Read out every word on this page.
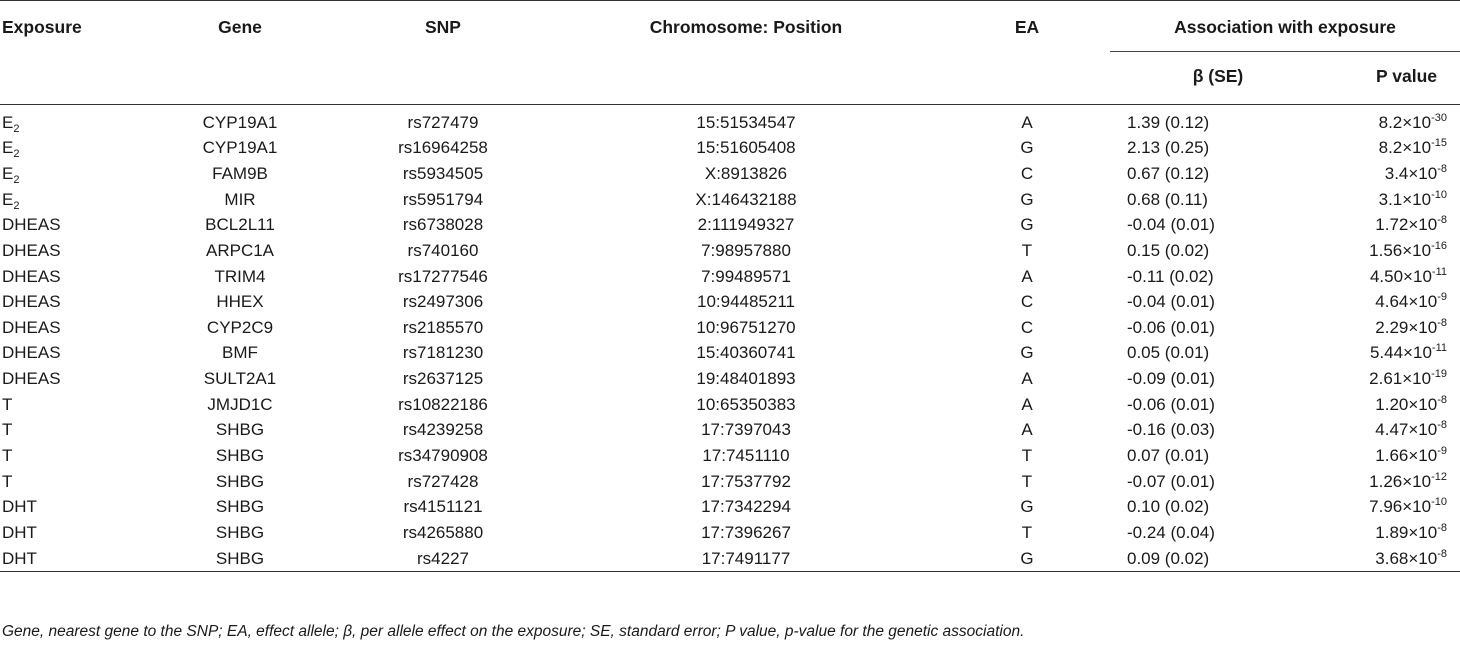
Exposure	Gene	SNP	Chromosome: Position	EA	Association with exposure	

					β (SE)	P value
$E_2$	CYP19A1	rs727479	15:51534547	A	1.39 (0.12)	$8.2\times 10^{-30}$
$E_2$	CYP19A1	rs16964258	15:51605408	G	2.13 (0.25)	$8.2\times 10^{-15}$
$E_2$	FAM9B	rs5934505	X:8913826	C	0.67 (0.12)	$3.4\times 10^{-8}$
$E_2$	MIR	rs5951794	X:146432188	G	0.68 (0.11)	$3.1\times 10^{-10}$
DHEAS	BCL2L11	rs6738028	2:111949327	G	-0.04 (0.01)	$1.72\times 10^{-8}$
DHEAS	ARPC1A	rs740160	7:98957880	T	0.15 (0.02)	$1.56\times 10^{-16}$
DHEAS	TRIM4	rs17277546	7:99489571	A	-0.11 (0.02)	$4.50\times 10^{-11}$
DHEAS	HHEX	rs2497306	10:94485211	C	-0.04 (0.01)	$4.64\times 10^{-9}$
DHEAS	CYP2C9	rs2185570	10:96751270	C	-0.06 (0.01)	$2.29\times 10^{-8}$
DHEAS	BMF	rs7181230	15:40360741	G	0.05 (0.01)	$5.44\times 10^{-11}$
DHEAS	SULT2A1	rs2637125	19:48401893	A	-0.09 (0.01)	$2.61\times 10^{-19}$
T	JMJD1C	rs10822186	10:65350383	A	-0.06 (0.01)	$1.20\times 10^{-8}$
T	SHBG	rs4239258	17:7397043	A	-0.16 (0.03)	$4.47\times 10^{-8}$
T	SHBG	rs34790908	17:7451110	T	0.07 (0.01)	$1.66\times 10^{-9}$
T	SHBG	rs727428	17:7537792	T	-0.07 (0.01)	$1.26\times 10^{-12}$
DHT	SHBG	rs4151121	17:7342294	G	0.10 (0.02)	$7.96\times 10^{-10}$
DHT	SHBG	rs4265880	17:7396267	T	-0.24 (0.04)	$1.89\times 10^{-8}$
DHT	SHBG	rs4227	17:7491177	G	0.09 (0.02)	$3.68\times 10^{-8}$
Gene, nearest gene to the SNP; EA, effect allele; β, per allele effect on the exposure; SE, standard error; P value, p-value for the genetic association.
